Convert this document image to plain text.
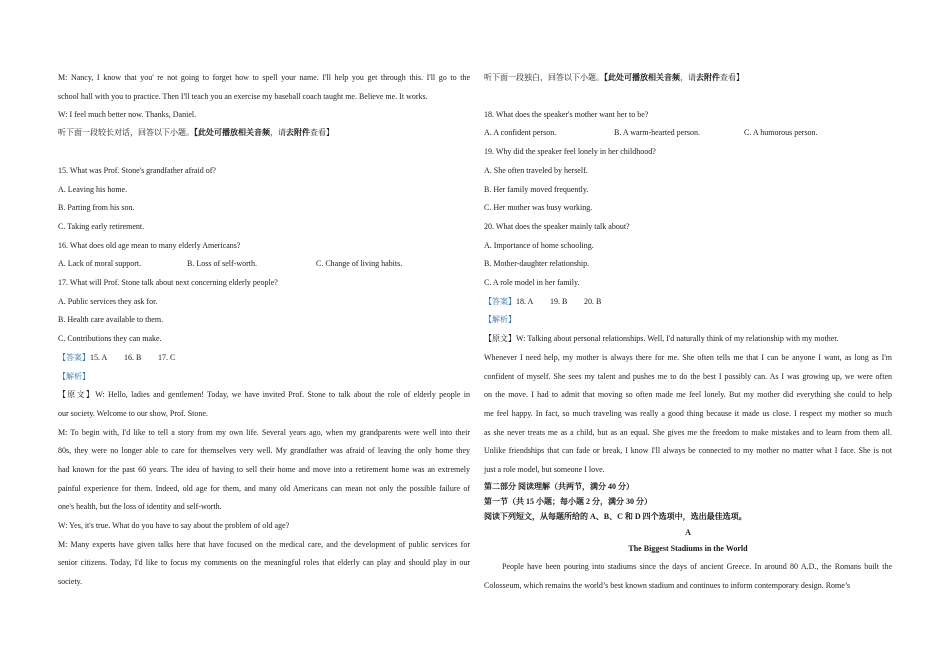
M: Nancy, I know that you' re not going to forget how to spell your name. I'll help you get through this. I'll go to the
school hall with you to practice. Then I'll teach you an exercise my baseball coach taught me. Believe me. It works.
W: I feel much better now. Thanks, Daniel.
听下面一段较长对话，回答以下小题。【此处可播放相关音频，请去附件查看】
15. What was Prof. Stone's grandfather afraid of?
A. Leaving his home.
B. Parting from his son.
C. Taking early retirement.
16. What does old age mean to many elderly Americans?
A. Lack of moral support.	B. Loss of self-worth.	C. Change of living habits.
17. What will Prof. Stone talk about next concerning elderly people?
A. Public services they ask for.
B. Health care available to them.
C. Contributions they can make.
【答案】15. A 16. B 17. C
【解析】
【原文】W: Hello, ladies and gentlemen! Today, we have invited Prof. Stone to talk about the role of elderly people in
our society. Welcome to our show, Prof. Stone.
M: To begin with, I'd like to tell a story from my own life. Several years ago, when my grandparents were well into their
80s, they were no longer able to care for themselves very well. My grandfather was afraid of leaving the only home they
had known for the past 60 years. The idea of having to sell their home and move into a retirement home was an extremely
painful experience for them. Indeed, old age for them, and many old Americans can mean not only the possible failure of
one's health, but the loss of identity and self-worth.
W: Yes, it's true. What do you have to say about the problem of old age?
M: Many experts have given talks here that have focused on the medical care, and the development of public services for
senior citizens. Today, I'd like to focus my comments on the meaningful roles that elderly can play and should play in our
society.
听下面一段独白，回答以下小题。【此处可播放相关音频，请去附件查看】
18. What does the speaker's mother want her to be?
A. A confident person.	B. A warm-hearted person.	C. A humorous person.
19. Why did the speaker feel lonely in her childhood?
A. She often traveled by herself.
B. Her family moved frequently.
C. Her mother was busy working.
20. What does the speaker mainly talk about?
A. Importance of home schooling.
B. Mother-daughter relationship.
C. A role model in her family.
【答案】18. A 19. B 20. B
【解析】
【原文】W: Talking about personal relationships. Well, I'd naturally think of my relationship with my mother.
Whenever I need help, my mother is always there for me. She often tells me that I can be anyone I want, as long as I'm
confident of myself. She sees my talent and pushes me to do the best I possibly can. As I was growing up, we were often
on the move. I had to admit that moving so often made me feel lonely. But my mother did everything she could to help
me feel happy. In fact, so much traveling was really a good thing because it made us close. I respect my mother so much
as she never treats me as a child, but as an equal. She gives me the freedom to make mistakes and to learn from them all.
Unlike friendships that can fade or break, I know I'll always be connected to my mother no matter what I face. She is not
just a role model, but someone I love.
第二部分 阅读理解（共两节，满分 40 分）
第一节（共 15 小题；每小题 2 分，满分 30 分）
阅读下列短文，从每题所给的 A、B、C 和 D 四个选项中，选出最佳选项。
A
The Biggest Stadiums in the World
People have been pouring into stadiums since the days of ancient Greece. In around 80 A.D., the Romans built the
Colosseum, which remains the world’s best known stadium and continues to inform contemporary design. Rome’s
